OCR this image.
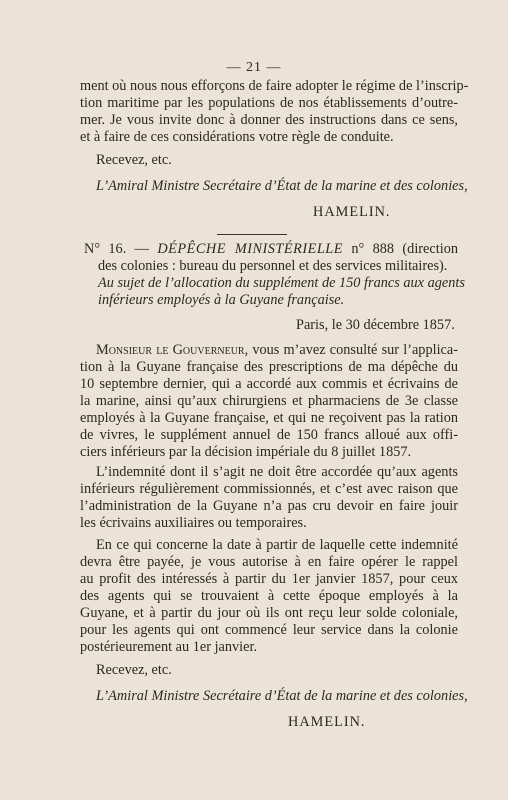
— 21 —
ment où nous nous efforçons de faire adopter le régime de l’inscrip-
tion maritime par les populations de nos établissements d’outre-
mer. Je vous invite donc à donner des instructions dans ce sens,
et à faire de ces considérations votre règle de conduite.
Recevez, etc.
L’Amiral Ministre Secrétaire d’État de la marine et des colonies,
HAMELIN.
N° 16. — DÉPÊCHE MINISTÉRIELLE n° 888 (direction
des colonies : bureau du personnel et des services militaires).
Au sujet de l’allocation du supplément de 150 francs aux agents
inférieurs employés à la Guyane française.
Paris, le 30 décembre 1857.
Monsieur le Gouverneur, vous m’avez consulté sur l’applica-
tion à la Guyane française des prescriptions de ma dépêche du
10 septembre dernier, qui a accordé aux commis et écrivains de
la marine, ainsi qu’aux chirurgiens et pharmaciens de 3e classe
employés à la Guyane française, et qui ne reçoivent pas la ration
de vivres, le supplément annuel de 150 francs alloué aux offi-
ciers inférieurs par la décision impériale du 8 juillet 1857.
L’indemnité dont il s’agit ne doit être accordée qu’aux agents
inférieurs régulièrement commissionnés, et c’est avec raison que
l’administration de la Guyane n’a pas cru devoir en faire jouir
les écrivains auxiliaires ou temporaires.
En ce qui concerne la date à partir de laquelle cette indemnité
devra être payée, je vous autorise à en faire opérer le rappel
au profit des intéressés à partir du 1er janvier 1857, pour ceux
des agents qui se trouvaient à cette époque employés à la
Guyane, et à partir du jour où ils ont reçu leur solde coloniale,
pour les agents qui ont commencé leur service dans la colonie
postérieurement au 1er janvier.
Recevez, etc.
L’Amiral Ministre Secrétaire d’État de la marine et des colonies,
HAMELIN.
